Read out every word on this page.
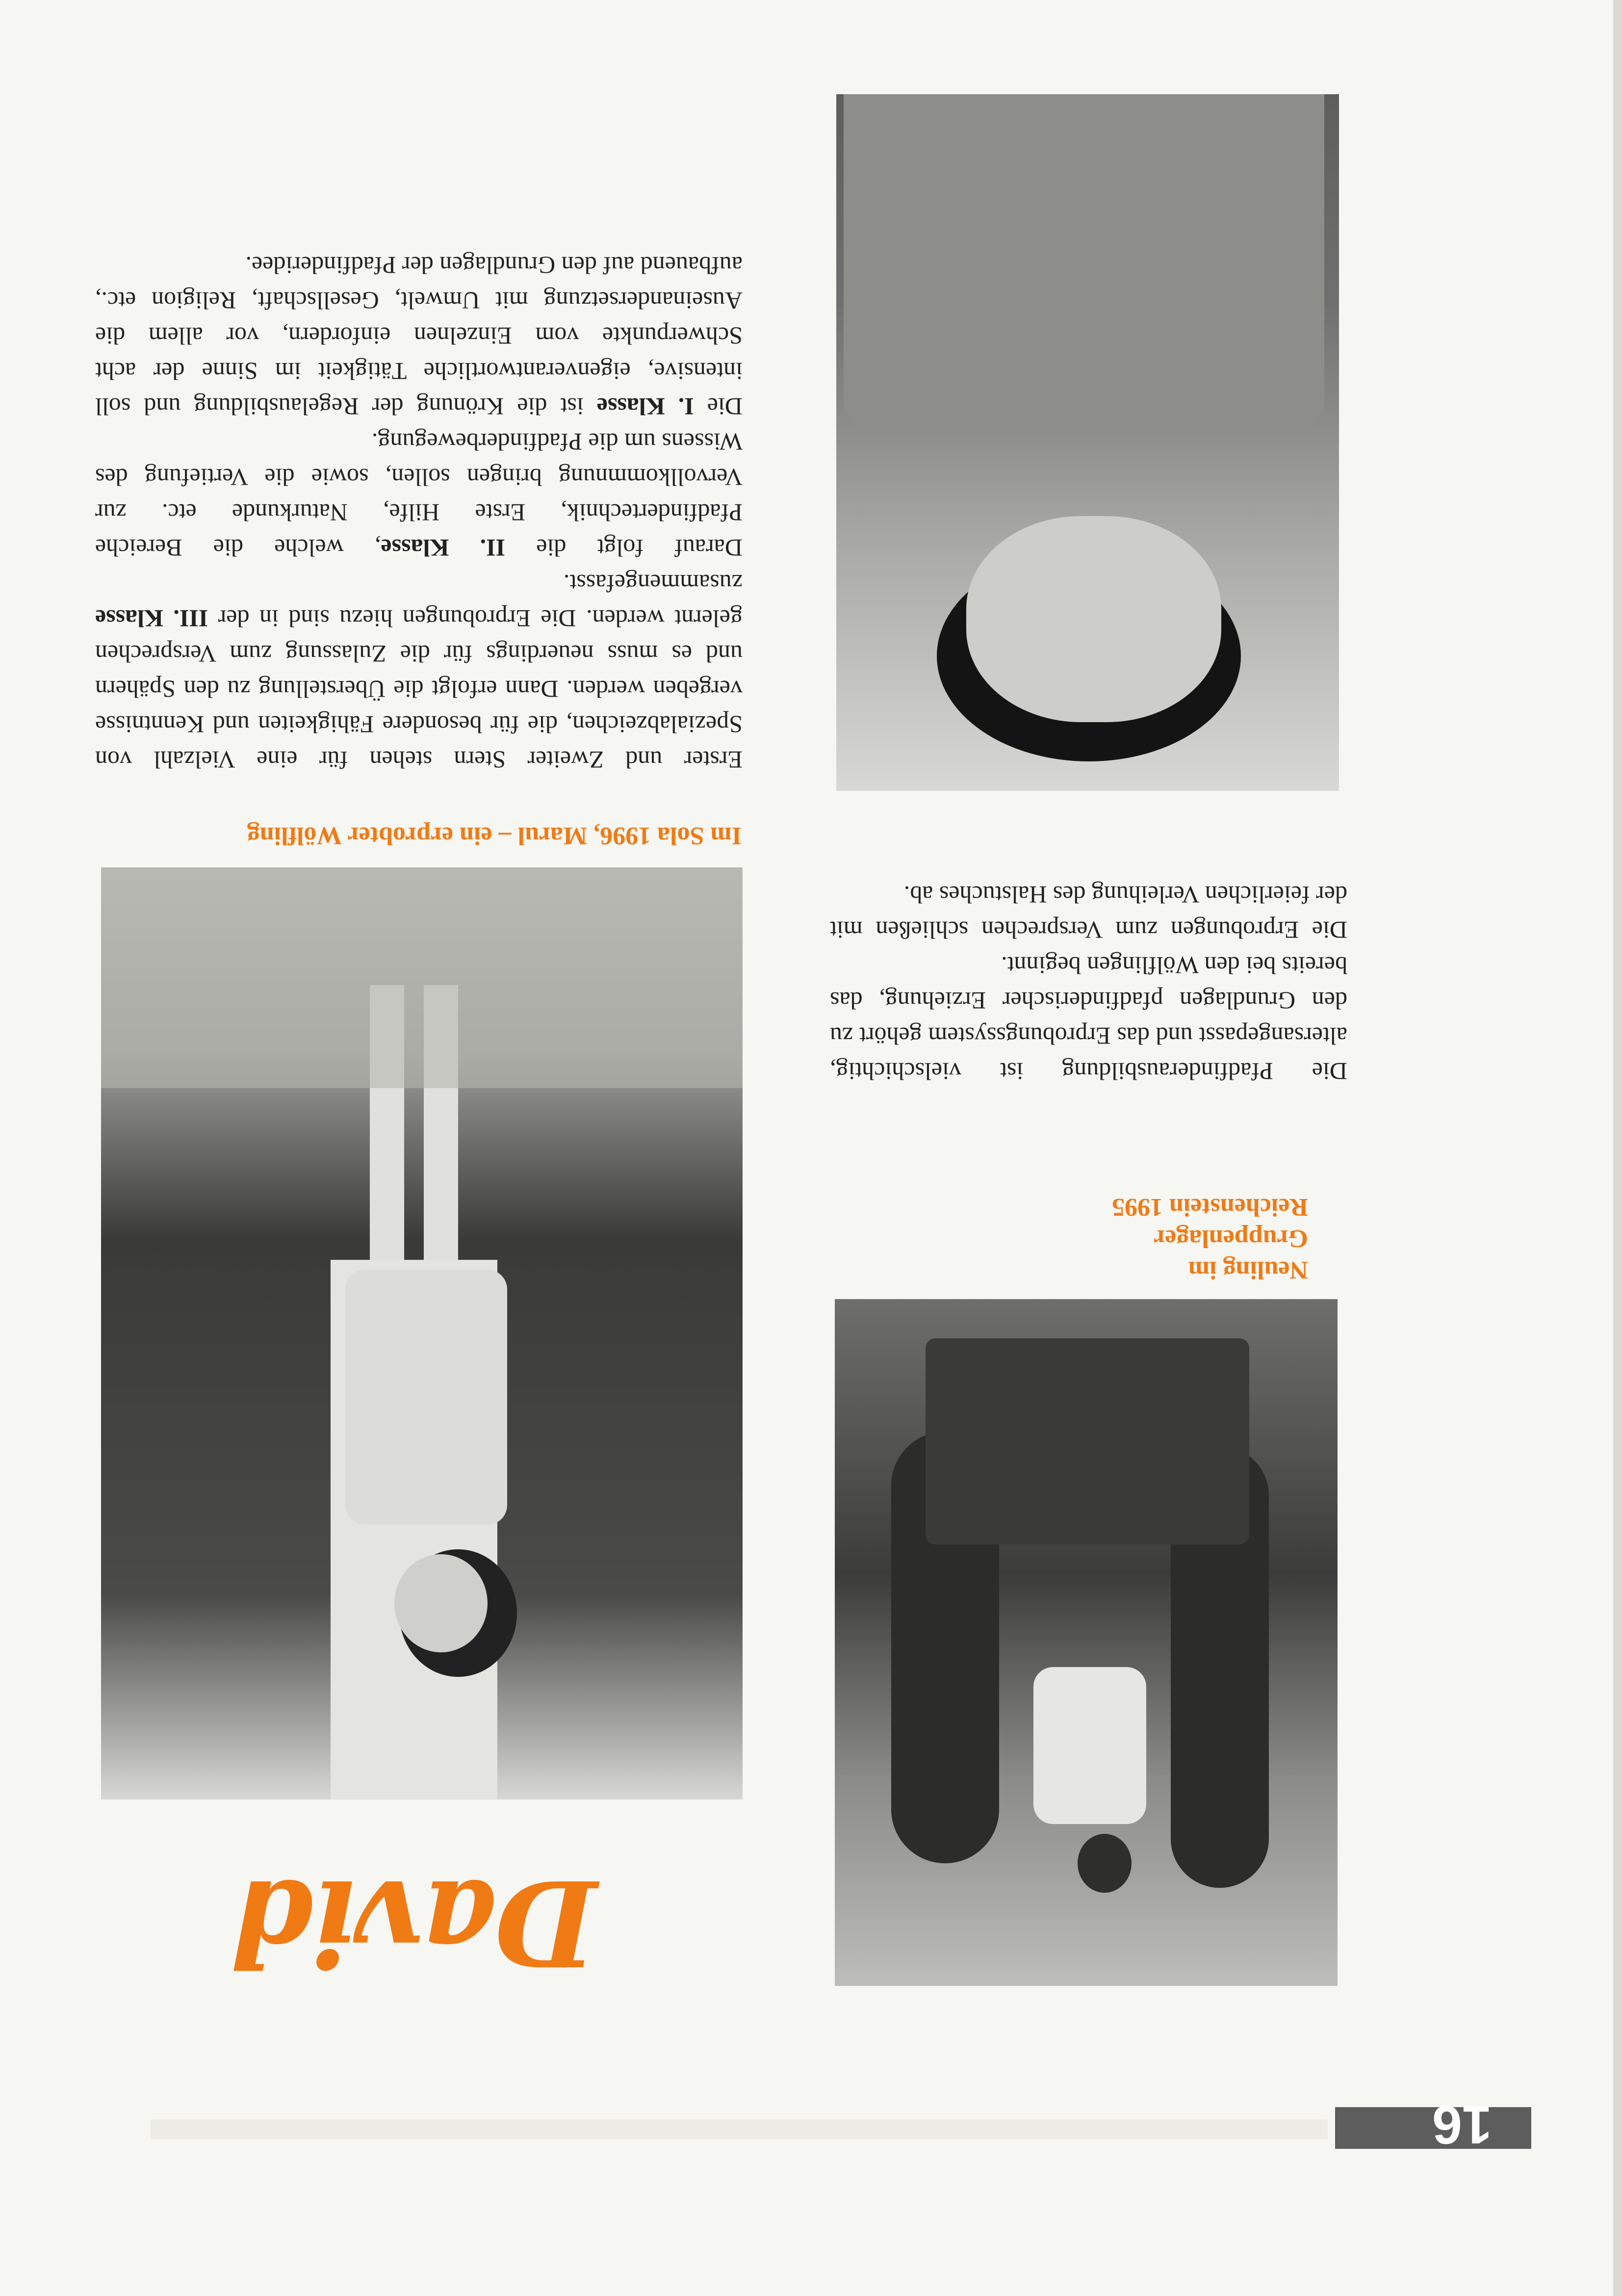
16
Neuling im Gruppenlager Reichenstein 1995

Die Pfadfinderausbildung ist vielschichtig, altersangepasst und das Erprobungssystem gehört zu den Grundlagen pfadfinderischer Erziehung, das bereits bei den Wölflingen beginnt.

Die Erprobungen zum Versprechen schließen mit der feierlichen Verleihung des Halstuches ab.

David
Im Sola 1996, Marul – ein erprobter Wölfling

Erster und Zweiter Stern stehen für eine Vielzahl von Spezialabzeichen, die für besondere Fähigkeiten und Kenntnisse vergeben werden. Dann erfolgt die Überstellung zu den Spähern und es muss neuerdings für die Zulassung zum Versprechen gelernt werden. Die Erprobungen hiezu sind in der III. Klasse zusammengefasst.

Darauf folgt die II. Klasse, welche die Bereiche Pfadfindertechnik, Erste Hilfe, Naturkunde etc. zur Vervollkommnung bringen sollen, sowie die Vertiefung des Wissens um die Pfadfinderbewegung.

Die I. Klasse ist die Krönung der Regelausbildung und soll intensive, eigenverantwortliche Tätigkeit im Sinne der acht Schwerpunkte vom Einzelnen einfordern, vor allem die Auseinandersetzung mit Umwelt, Gesellschaft, Religion etc., aufbauend auf den Grundlagen der Pfadfinderidee.
